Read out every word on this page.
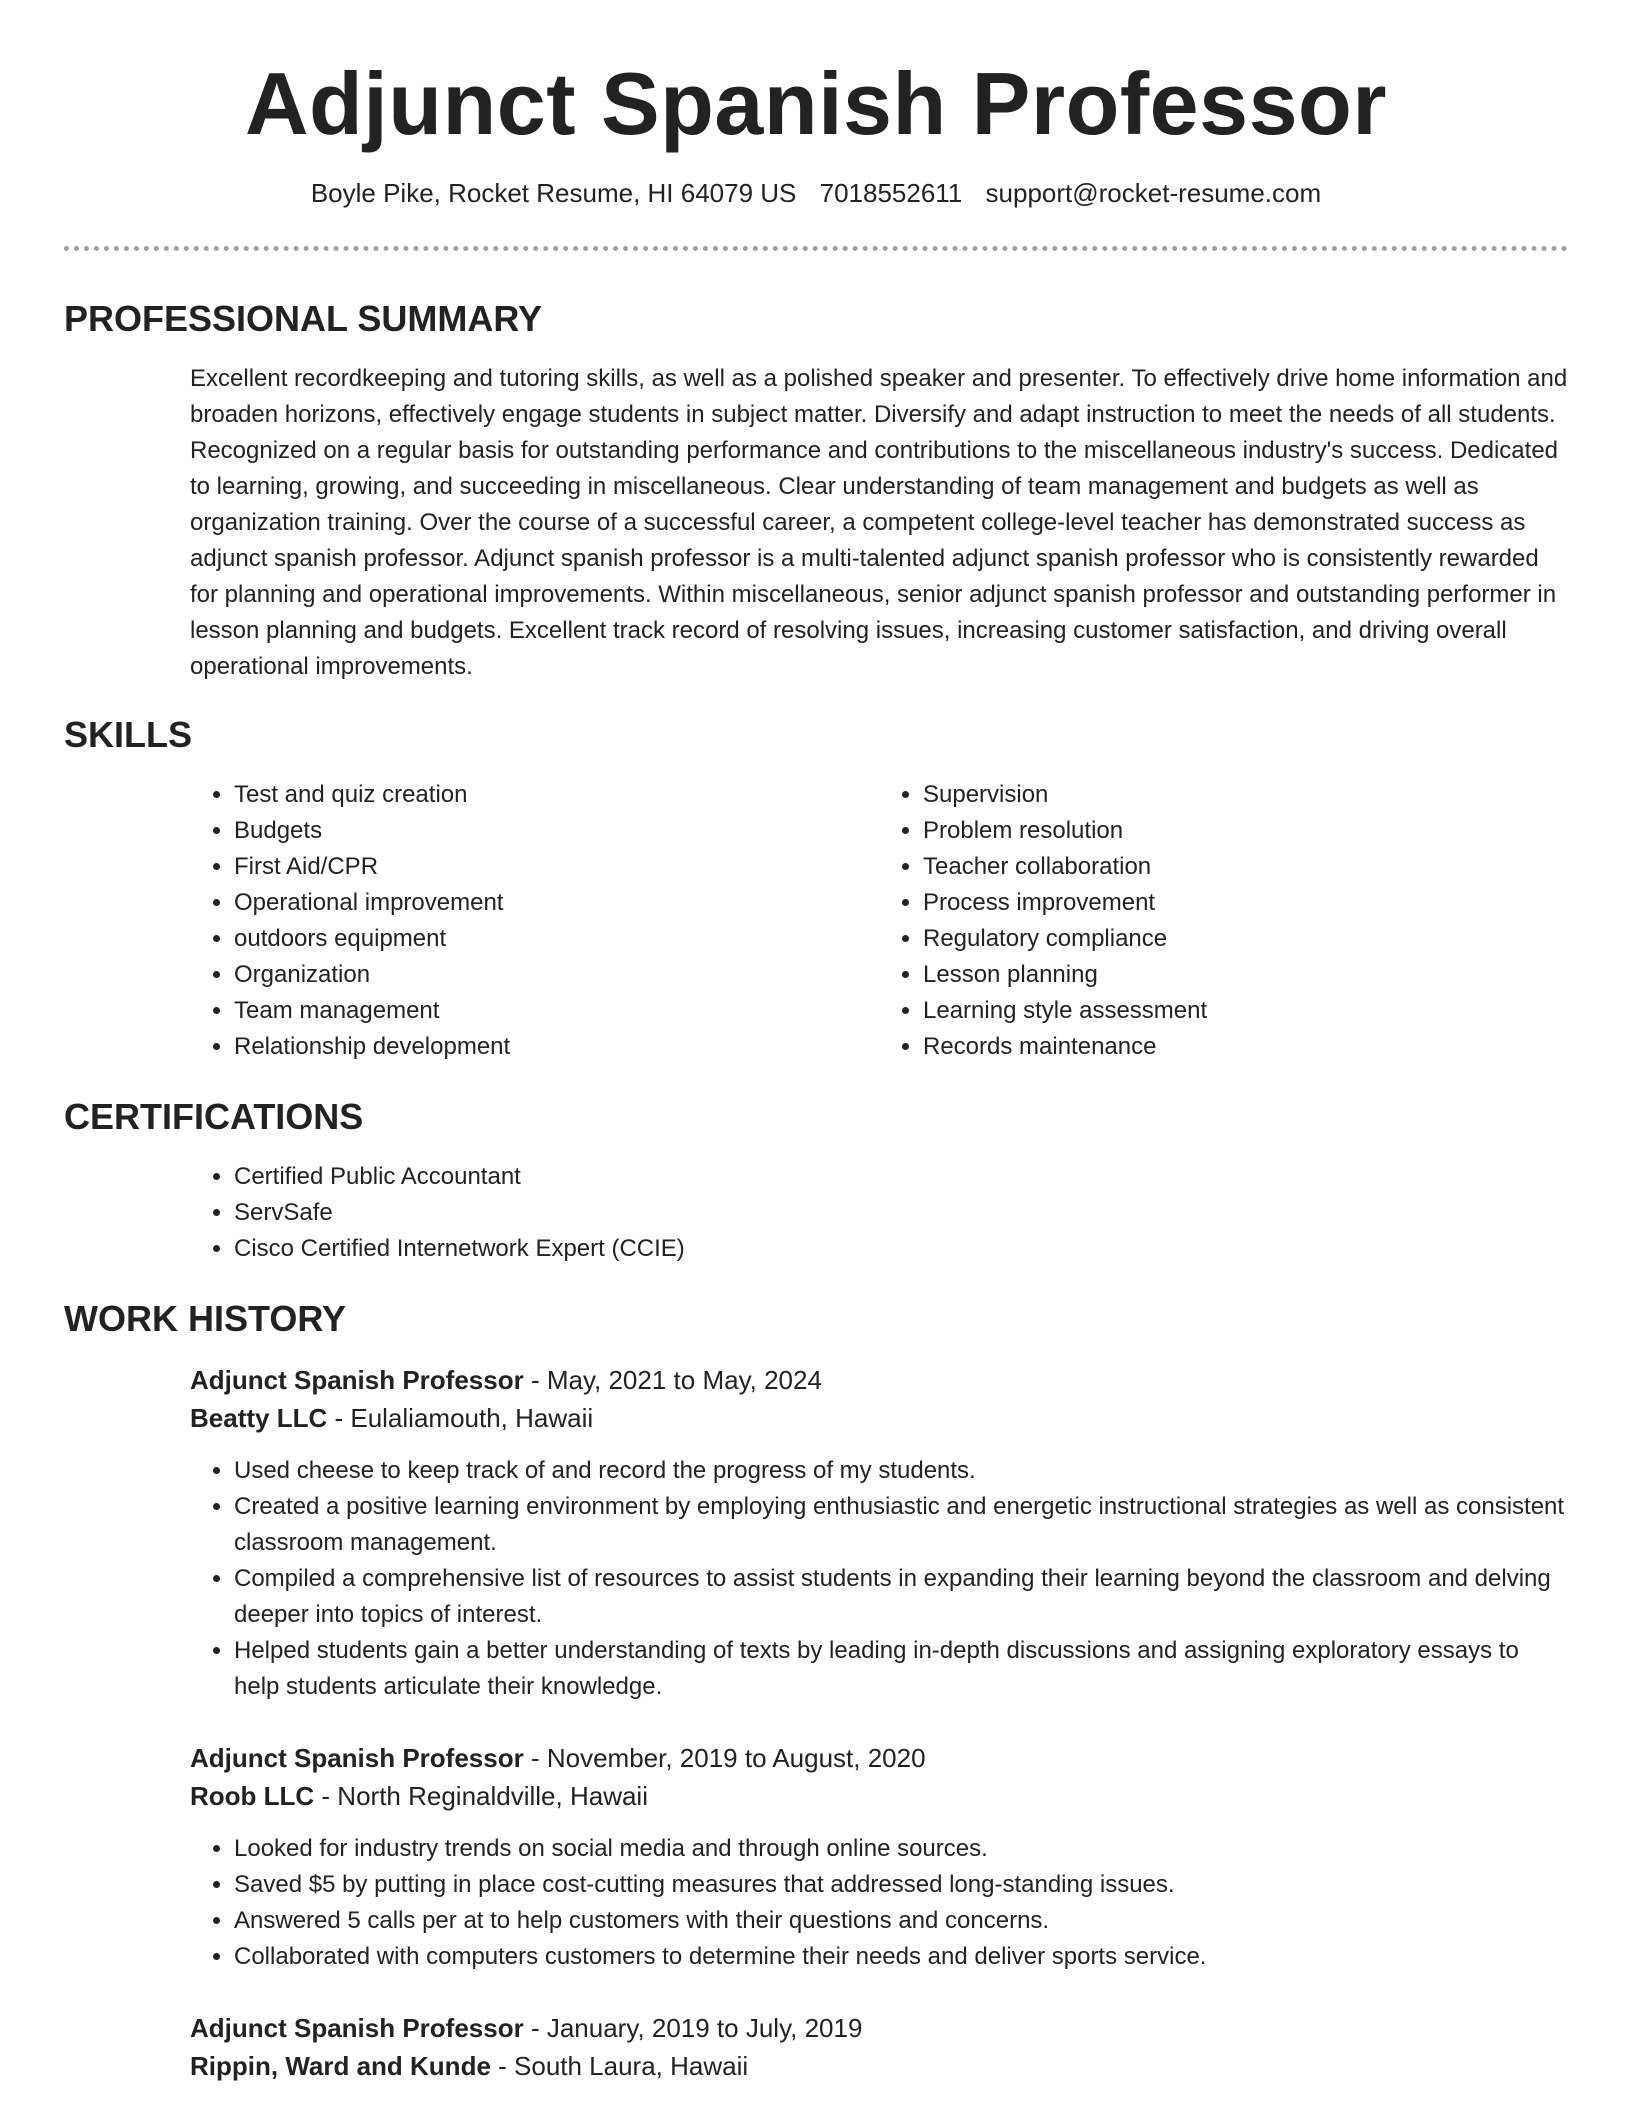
Adjunct Spanish Professor
Boyle Pike, Rocket Resume, HI 64079 US 7018552611 support@rocket-resume.com
PROFESSIONAL SUMMARY

Excellent recordkeeping and tutoring skills, as well as a polished speaker and presenter. To effectively drive home information and broaden horizons, effectively engage students in subject matter. Diversify and adapt instruction to meet the needs of all students. Recognized on a regular basis for outstanding performance and contributions to the miscellaneous industry's success. Dedicated to learning, growing, and succeeding in miscellaneous. Clear understanding of team management and budgets as well as organization training. Over the course of a successful career, a competent college-level teacher has demonstrated success as adjunct spanish professor. Adjunct spanish professor is a multi-talented adjunct spanish professor who is consistently rewarded for planning and operational improvements. Within miscellaneous, senior adjunct spanish professor and outstanding performer in lesson planning and budgets. Excellent track record of resolving issues, increasing customer satisfaction, and driving overall operational improvements.

SKILLS
• Test and quiz creation
• Budgets
• First Aid/CPR
• Operational improvement
• outdoors equipment
• Organization
• Team management
• Relationship development
• Supervision
• Problem resolution
• Teacher collaboration
• Process improvement
• Regulatory compliance
• Lesson planning
• Learning style assessment
• Records maintenance
CERTIFICATIONS
• Certified Public Accountant
• ServSafe
• Cisco Certified Internetwork Expert (CCIE)
WORK HISTORY
Adjunct Spanish Professor - May, 2021 to May, 2024
Beatty LLC - Eulaliamouth, Hawaii
• Used cheese to keep track of and record the progress of my students.
• Created a positive learning environment by employing enthusiastic and energetic instructional strategies as well as consistent classroom management.
• Compiled a comprehensive list of resources to assist students in expanding their learning beyond the classroom and delving deeper into topics of interest.
• Helped students gain a better understanding of texts by leading in-depth discussions and assigning exploratory essays to help students articulate their knowledge.
Adjunct Spanish Professor - November, 2019 to August, 2020
Roob LLC - North Reginaldville, Hawaii
• Looked for industry trends on social media and through online sources.
• Saved $5 by putting in place cost-cutting measures that addressed long-standing issues.
• Answered 5 calls per at to help customers with their questions and concerns.
• Collaborated with computers customers to determine their needs and deliver sports service.
Adjunct Spanish Professor - January, 2019 to July, 2019
Rippin, Ward and Kunde - South Laura, Hawaii
